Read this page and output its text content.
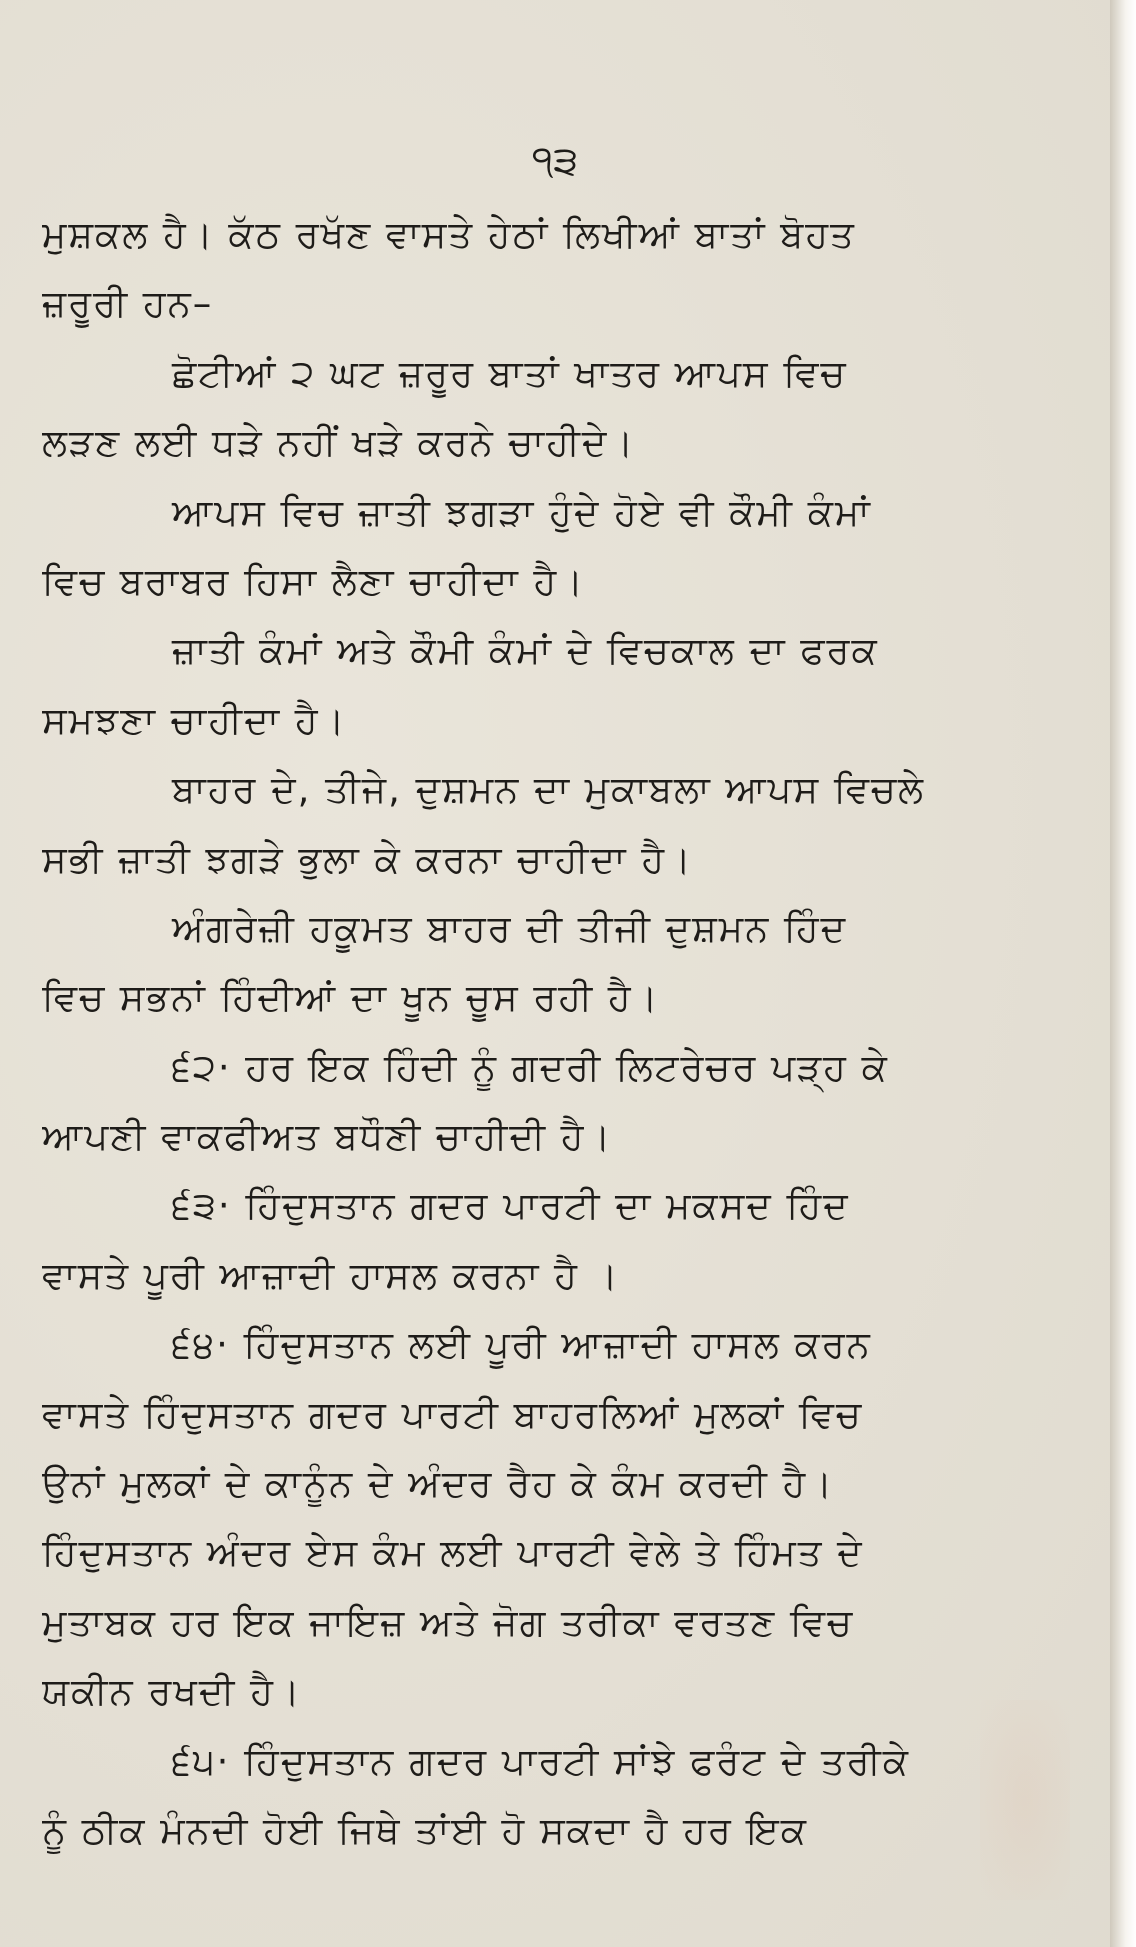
੧੩
ਮੁਸ਼ਕਲ ਹੈ। ਕੱਠ ਰਖੱਣ ਵਾਸਤੇ ਹੇਠਾਂ ਲਿਖੀਆਂ ਬਾਤਾਂ ਬੋਹਤ
ਜ਼ਰੂਰੀ ਹਨ–
ਛੋਟੀਆਂ ੨ ਘਟ ਜ਼ਰੂਰ ਬਾਤਾਂ ਖਾਤਰ ਆਪਸ ਵਿਚ
ਲੜਣ ਲਈ ਧੜੇ ਨਹੀਂ ਖੜੇ ਕਰਨੇ ਚਾਹੀਦੇ।
ਆਪਸ ਵਿਚ ਜ਼ਾਤੀ ਝਗੜਾ ਹੁੰਦੇ ਹੋਏ ਵੀ ਕੌਮੀ ਕੰਮਾਂ
ਵਿਚ ਬਰਾਬਰ ਹਿਸਾ ਲੈਣਾ ਚਾਹੀਦਾ ਹੈ।
ਜ਼ਾਤੀ ਕੰਮਾਂ ਅਤੇ ਕੌਮੀ ਕੰਮਾਂ ਦੇ ਵਿਚਕਾਲ ਦਾ ਫਰਕ
ਸਮਝਣਾ ਚਾਹੀਦਾ ਹੈ।
ਬਾਹਰ ਦੇ, ਤੀਜੇ, ਦੁਸ਼ਮਨ ਦਾ ਮੁਕਾਬਲਾ ਆਪਸ ਵਿਚਲੇ
ਸਭੀ ਜ਼ਾਤੀ ਝਗੜੇ ਭੁਲਾ ਕੇ ਕਰਨਾ ਚਾਹੀਦਾ ਹੈ।
ਅੰਗਰੇਜ਼ੀ ਹਕੂਮਤ ਬਾਹਰ ਦੀ ਤੀਜੀ ਦੁਸ਼ਮਨ ਹਿੰਦ
ਵਿਚ ਸਭਨਾਂ ਹਿੰਦੀਆਂ ਦਾ ਖੂਨ ਚੂਸ ਰਹੀ ਹੈ।
੬੨· ਹਰ ਇਕ ਹਿੰਦੀ ਨੂੰ ਗਦਰੀ ਲਿਟਰੇਚਰ ਪੜ੍ਹ ਕੇ
ਆਪਣੀ ਵਾਕਫੀਅਤ ਬਧੌਣੀ ਚਾਹੀਦੀ ਹੈ।
੬੩· ਹਿੰਦੁਸਤਾਨ ਗਦਰ ਪਾਰਟੀ ਦਾ ਮਕਸਦ ਹਿੰਦ
ਵਾਸਤੇ ਪੂਰੀ ਆਜ਼ਾਦੀ ਹਾਸਲ ਕਰਨਾ ਹੈ ।
੬੪· ਹਿੰਦੁਸਤਾਨ ਲਈ ਪੂਰੀ ਆਜ਼ਾਦੀ ਹਾਸਲ ਕਰਨ
ਵਾਸਤੇ ਹਿੰਦੁਸਤਾਨ ਗਦਰ ਪਾਰਟੀ ਬਾਹਰਲਿਆਂ ਮੁਲਕਾਂ ਵਿਚ
ਉਨਾਂ ਮੁਲਕਾਂ ਦੇ ਕਾਨੂੰਨ ਦੇ ਅੰਦਰ ਰੈਹ ਕੇ ਕੰਮ ਕਰਦੀ ਹੈ।
ਹਿੰਦੁਸਤਾਨ ਅੰਦਰ ਏਸ ਕੰਮ ਲਈ ਪਾਰਟੀ ਵੇਲੇ ਤੇ ਹਿੰਮਤ ਦੇ
ਮੁਤਾਬਕ ਹਰ ਇਕ ਜਾਇਜ਼ ਅਤੇ ਜੋਗ ਤਰੀਕਾ ਵਰਤਣ ਵਿਚ
ਯਕੀਨ ਰਖਦੀ ਹੈ।
੬੫· ਹਿੰਦੁਸਤਾਨ ਗਦਰ ਪਾਰਟੀ ਸਾਂਝੇ ਫਰੰਟ ਦੇ ਤਰੀਕੇ
ਨੂੰ ਠੀਕ ਮੰਨਦੀ ਹੋਈ ਜਿਥੇ ਤਾਂਈ ਹੋ ਸਕਦਾ ਹੈ ਹਰ ਇਕ
